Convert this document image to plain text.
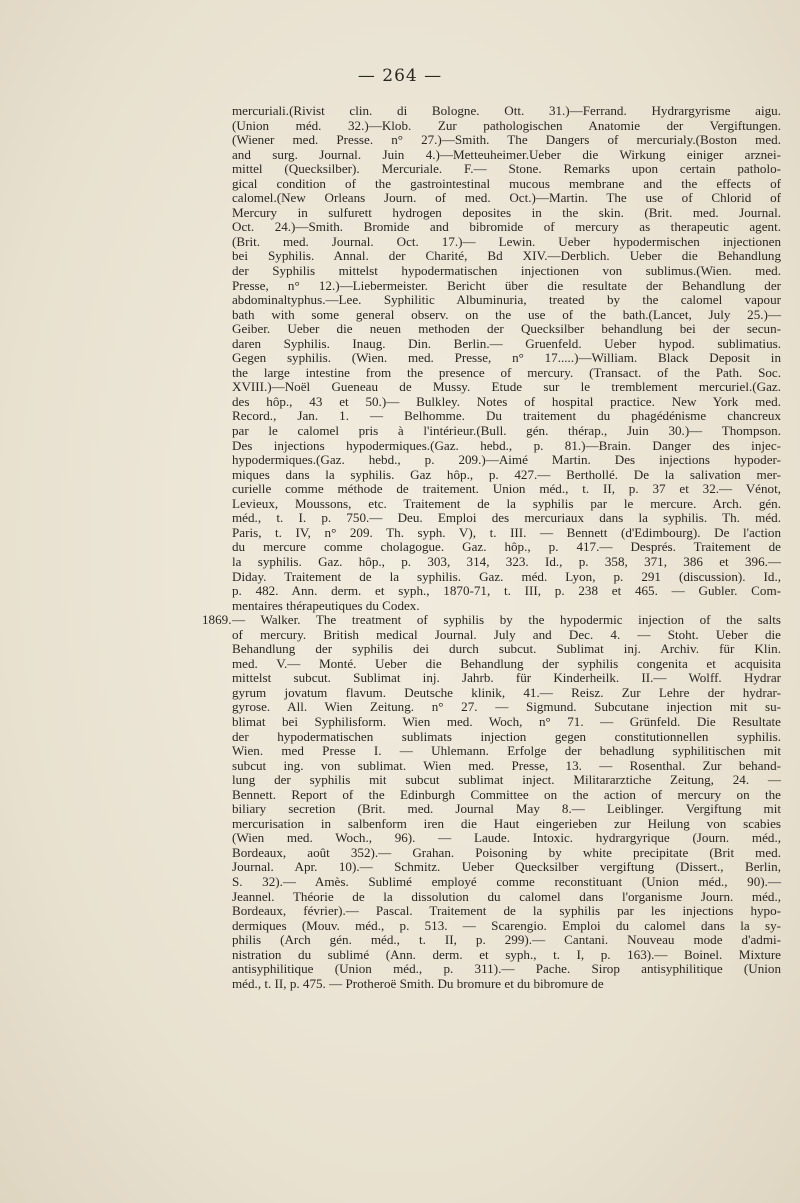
— 264 —
mercuriali.(Rivist clin. di Bologne. Ott. 31.)—Ferrand. Hydrargyrisme aigu.
(Union méd. 32.)—Klob. Zur pathologischen Anatomie der Vergiftungen.
(Wiener med. Presse. n° 27.)—Smith. The Dangers of mercurialy.(Boston med.
and surg. Journal. Juin 4.)—Metteuheimer.Ueber die Wirkung einiger arznei-
mittel (Quecksilber). Mercuriale. F.— Stone. Remarks upon certain patholo-
gical condition of the gastrointestinal mucous membrane and the effects of
calomel.(New Orleans Journ. of med. Oct.)—Martin. The use of Chlorid of
Mercury in sulfurett hydrogen deposites in the skin. (Brit. med. Journal.
Oct. 24.)—Smith. Bromide and bibromide of mercury as therapeutic agent.
(Brit. med. Journal. Oct. 17.)— Lewin. Ueber hypodermischen injectionen
bei Syphilis. Annal. der Charité, Bd XIV.—Derblich. Ueber die Behandlung
der Syphilis mittelst hypodermatischen injectionen von sublimus.(Wien. med.
Presse, n° 12.)—Liebermeister. Bericht über die resultate der Behandlung der
abdominaltyphus.—Lee. Syphilitic Albuminuria, treated by the calomel vapour
bath with some general observ. on the use of the bath.(Lancet, July 25.)—
Geiber. Ueber die neuen methoden der Quecksilber behandlung bei der secun-
daren Syphilis. Inaug. Din. Berlin.— Gruenfeld. Ueber hypod. sublimatius.
Gegen syphilis. (Wien. med. Presse, n° 17.....)—William. Black Deposit in
the large intestine from the presence of mercury. (Transact. of the Path. Soc.
XVIII.)—Noël Gueneau de Mussy. Etude sur le tremblement mercuriel.(Gaz.
des hôp., 43 et 50.)— Bulkley. Notes of hospital practice. New York med.
Record., Jan. 1. — Belhomme. Du traitement du phagédénisme chancreux
par le calomel pris à l'intérieur.(Bull. gén. thérap., Juin 30.)— Thompson.
Des injections hypodermiques.(Gaz. hebd., p. 81.)—Brain. Danger des injec-
hypodermiques.(Gaz. hebd., p. 209.)—Aimé Martin. Des injections hypoder-
miques dans la syphilis. Gaz hôp., p. 427.— Berthollé. De la salivation mer-
curielle comme méthode de traitement. Union méd., t. II, p. 37 et 32.— Vénot,
Levieux, Moussons, etc. Traitement de la syphilis par le mercure. Arch. gén.
méd., t. I. p. 750.— Deu. Emploi des mercuriaux dans la syphilis. Th. méd.
Paris, t. IV, n° 209. Th. syph. V), t. III. — Bennett (d'Edimbourg). De l'action
du mercure comme cholagogue. Gaz. hôp., p. 417.— Després. Traitement de
la syphilis. Gaz. hôp., p. 303, 314, 323. Id., p. 358, 371, 386 et 396.—
Diday. Traitement de la syphilis. Gaz. méd. Lyon, p. 291 (discussion). Id.,
p. 482. Ann. derm. et syph., 1870-71, t. III, p. 238 et 465. — Gubler. Com-
mentaires thérapeutiques du Codex.
1869. — Walker. The treatment of syphilis by the hypodermic injection of the salts
of mercury. British medical Journal. July and Dec. 4. — Stoht. Ueber die
Behandlung der syphilis dei durch subcut. Sublimat inj. Archiv. für Klin.
med. V.— Monté. Ueber die Behandlung der syphilis congenita et acquisita
mittelst subcut. Sublimat inj. Jahrb. für Kinderheilk. II.— Wolff. Hydrar
gyrum jovatum flavum. Deutsche klinik, 41.— Reisz. Zur Lehre der hydrar-
gyrose. All. Wien Zeitung. n° 27. — Sigmund. Subcutane injection mit su-
blimat bei Syphilisform. Wien med. Woch, n° 71. — Grünfeld. Die Resultate
der hypodermatischen sublimats injection gegen constitutionnellen syphilis.
Wien. med Presse I. — Uhlemann. Erfolge der behadlung syphilitischen mit
subcut ing. von sublimat. Wien med. Presse, 13. — Rosenthal. Zur behand-
lung der syphilis mit subcut sublimat inject. Militararztiche Zeitung, 24. —
Bennett. Report of the Edinburgh Committee on the action of mercury on the
biliary secretion (Brit. med. Journal May 8.— Leiblinger. Vergiftung mit
mercurisation in salbenform iren die Haut eingerieben zur Heilung von scabies
(Wien med. Woch., 96). — Laude. Intoxic. hydrargyrique (Journ. méd.,
Bordeaux, août 352).— Grahan. Poisoning by white precipitate (Brit med.
Journal. Apr. 10).— Schmitz. Ueber Quecksilber vergiftung (Dissert., Berlin,
S. 32).— Amès. Sublimé employé comme reconstituant (Union méd., 90).—
Jeannel. Théorie de la dissolution du calomel dans l'organisme Journ. méd.,
Bordeaux, février).— Pascal. Traitement de la syphilis par les injections hypo-
dermiques (Mouv. méd., p. 513. — Scarengio. Emploi du calomel dans la sy-
philis (Arch gén. méd., t. II, p. 299).— Cantani. Nouveau mode d'admi-
nistration du sublimé (Ann. derm. et syph., t. I, p. 163).— Boinel. Mixture
antisyphilitique (Union méd., p. 311).— Pache. Sirop antisyphilitique (Union
méd., t. II, p. 475. — Protheroë Smith. Du bromure et du bibromure de
